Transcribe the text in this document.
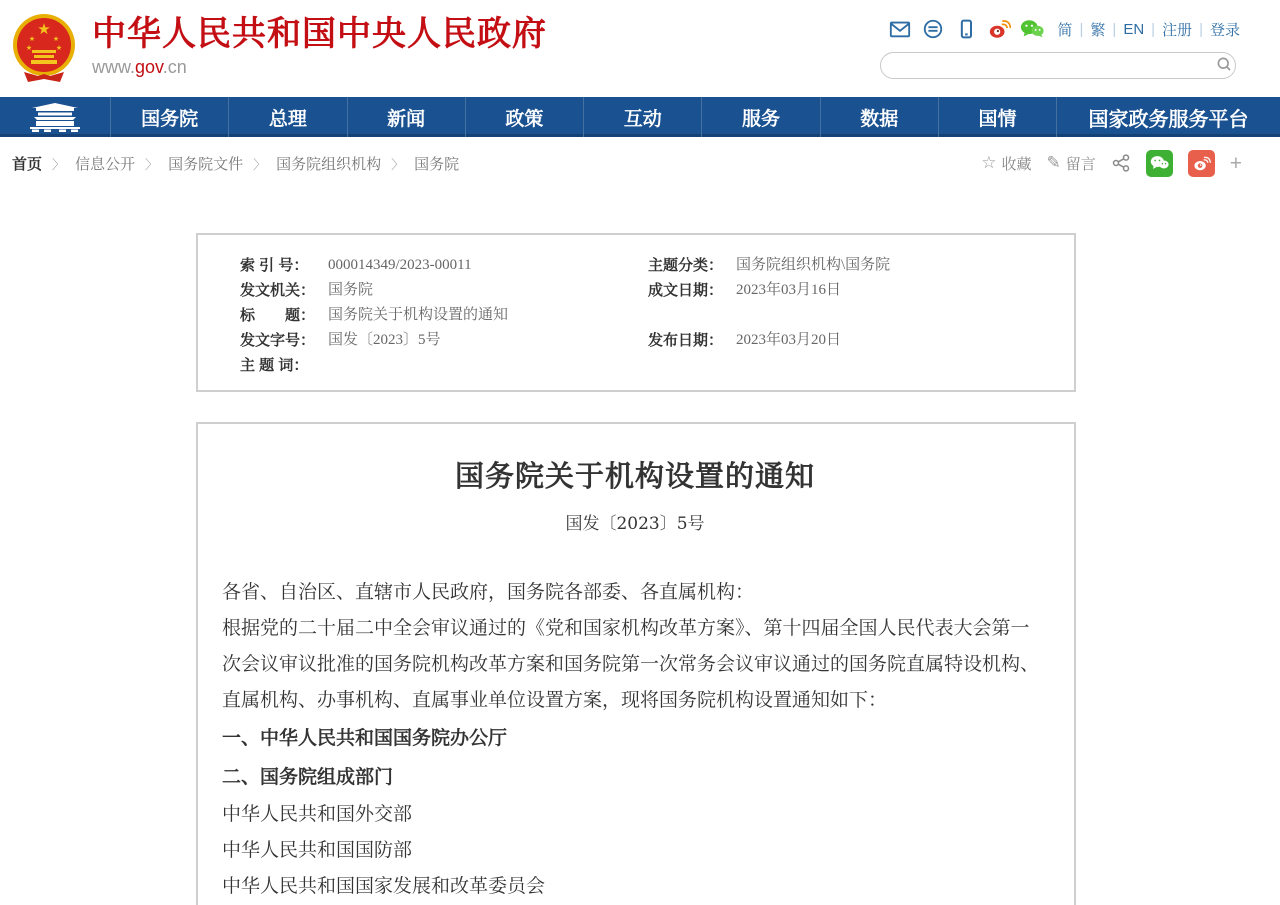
★
★	★
★	★ 中华人民共和国中央人民政府
www.gov.cn
简 | 繁 | EN | 注册 | 登录
国务院	总理	新闻	政策	互动	服务	数据	国情	国家政务服务平台
首页 〉 信息公开 〉 国务院文件 〉 国务院组织机构 〉 国务院	☆ 收藏 ✎ 留言	+
索 引 号：	000014349/2023-00011
发文机关： 国务院
标　　题： 国务院关于机构设置的通知
发文字号： 国发〔2023〕5号
主 题 词：
主题分类： 国务院组织机构\国务院
成文日期： 2023年03月16日
发布日期： 2023年03月20日
国务院关于机构设置的通知
国发〔2023〕5号

各省、自治区、直辖市人民政府，国务院各部委、各直属机构：

根据党的二十届二中全会审议通过的《党和国家机构改革方案》、第十四届全国人民代表大会第一次会议审议批准的国务院机构改革方案和国务院第一次常务会议审议通过的国务院直属特设机构、直属机构、办事机构、直属事业单位设置方案，现将国务院机构设置通知如下：

一、中华人民共和国国务院办公厅

二、国务院组成部门

中华人民共和国外交部

中华人民共和国国防部

中华人民共和国国家发展和改革委员会
